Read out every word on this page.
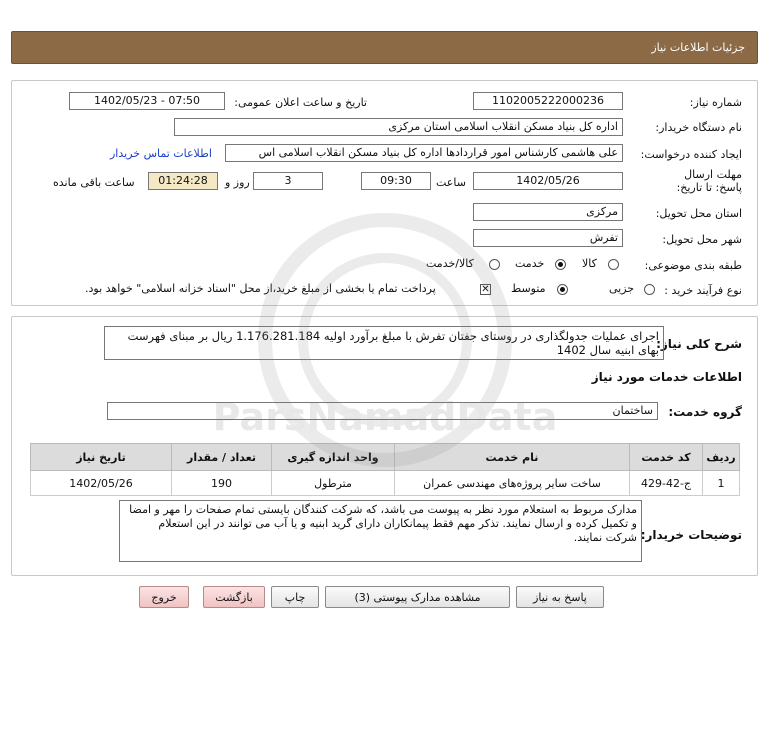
جزئیات اطلاعات نیاز
شماره نیاز:
1102005222000236
تاریخ و ساعت اعلان عمومی:
1402/05/23 - 07:50
نام دستگاه خریدار:
اداره کل بنیاد مسکن انقلاب اسلامی استان مرکزی
ایجاد کننده درخواست:
علی هاشمی کارشناس امور قراردادها اداره کل بنیاد مسکن انقلاب اسلامی اس
اطلاعات تماس خریدار
مهلت ارسال پاسخ: تا تاریخ:
1402/05/26
ساعت
09:30
3
روز و
01:24:28
ساعت باقی مانده
استان محل تحویل:
مرکزی
شهر محل تحویل:
تفرش
طبقه بندی موضوعی:
کالا
خدمت
کالا/خدمت
نوع فرآیند خرید :
جزیی
متوسط
✕
پرداخت تمام یا بخشی از مبلغ خرید،از محل "اسناد خزانه اسلامی" خواهد بود.
شرح کلی نیاز:
اجرای عملیات جدولگذاری در روستای جفتان تفرش با مبلغ برآورد اولیه 1.176.281.184 ریال بر مبنای فهرست بهای ابنیه سال 1402
اطلاعات خدمات مورد نیاز
گروه خدمت:
ساختمان
ردیف	کد خدمت	نام خدمت	واحد اندازه گیری	تعداد / مقدار	تاریخ نیاز
1	ج-42-429	ساخت سایر پروژه‌های مهندسی عمران	مترطول	190	1402/05/26
توضیحات خریدار:
مدارک مربوط به استعلام مورد نظر به پیوست می باشد، که شرکت کنندگان بایستی تمام صفحات را مهر و امضا و تکمیل کرده و ارسال نمایند. تذکر مهم فقط پیمانکاران دارای گرید ابنیه و یا آب می توانند در این استعلام شرکت نمایند.
پاسخ به نیاز
مشاهده مدارک پیوستی (3)
چاپ
بازگشت
خروج
